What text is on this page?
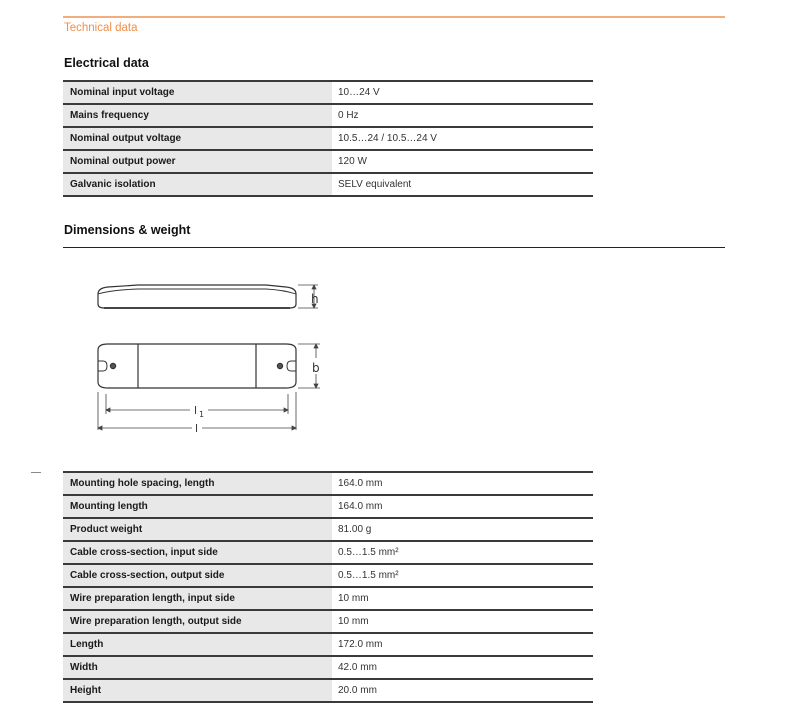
Technical data
Electrical data
Nominal input voltage	10…24 V
Mains frequency	0 Hz
Nominal output voltage	10.5…24 / 10.5…24 V
Nominal output power	120 W
Galvanic isolation	SELV equivalent
Dimensions & weight
h
b
l 1
l
Mounting hole spacing, length	164.0 mm
Mounting length	164.0 mm
Product weight	81.00 g
Cable cross-section, input side	0.5…1.5 mm²
Cable cross-section, output side	0.5…1.5 mm²
Wire preparation length, input side	10 mm
Wire preparation length, output side	10 mm
Length	172.0 mm
Width	42.0 mm
Height	20.0 mm
